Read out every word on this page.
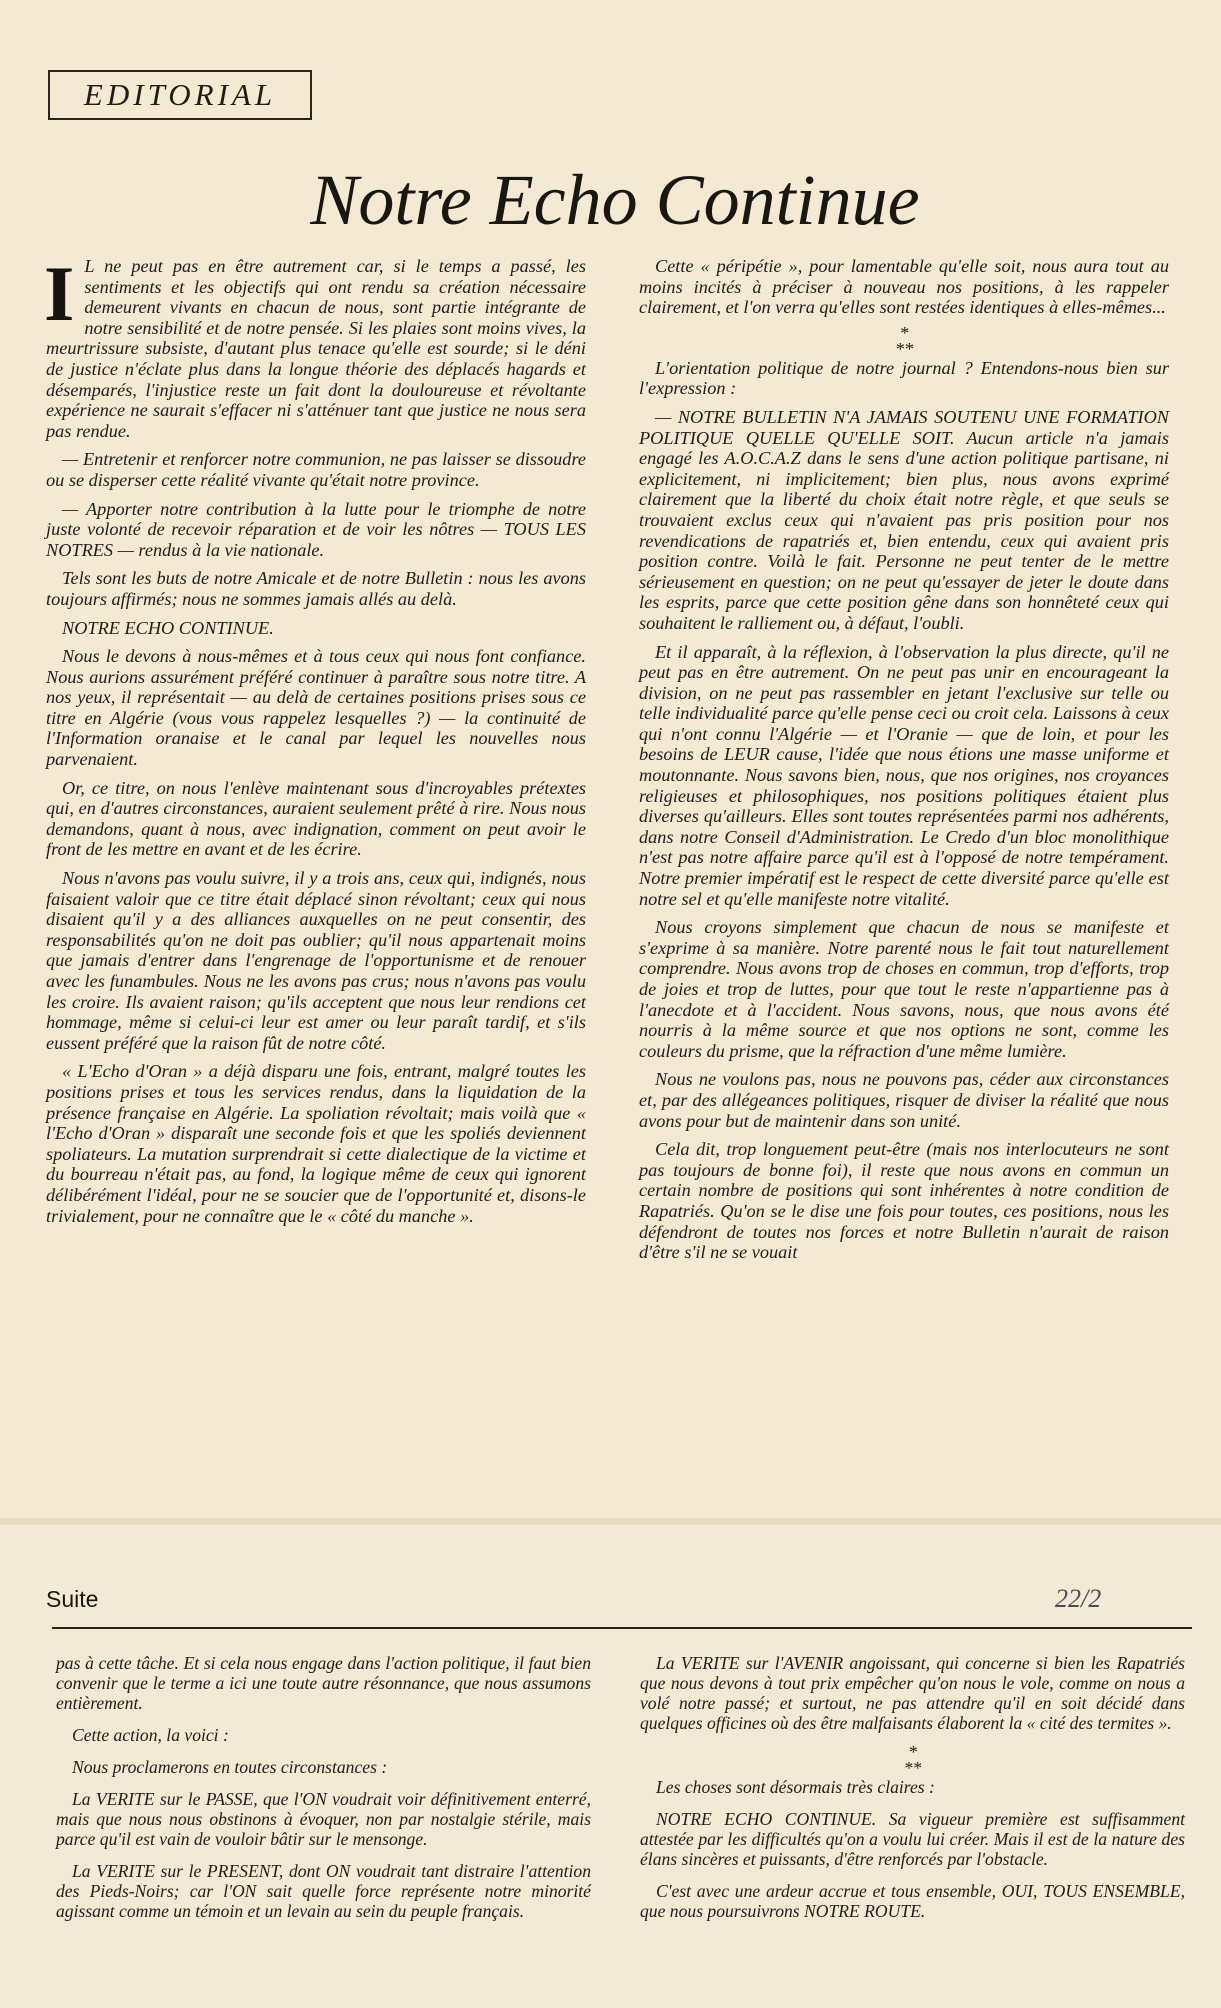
EDITORIAL
Notre Echo Continue

I L ne peut pas en être autrement car, si le temps a passé, les sentiments et les objectifs qui ont rendu sa création nécessaire demeurent vivants en chacun de nous, sont partie intégrante de notre sensibilité et de notre pensée. Si les plaies sont moins vives, la meurtrissure subsiste, d'autant plus tenace qu'elle est sourde; si le déni de justice n'éclate plus dans la longue théorie des déplacés hagards et désemparés, l'injustice reste un fait dont la douloureuse et révoltante expérience ne saurait s'effacer ni s'atténuer tant que justice ne nous sera pas rendue.

— Entretenir et renforcer notre communion, ne pas laisser se dissoudre ou se disperser cette réalité vivante qu'était notre province.

— Apporter notre contribution à la lutte pour le triomphe de notre juste volonté de recevoir réparation et de voir les nôtres — TOUS LES NOTRES — rendus à la vie nationale.

Tels sont les buts de notre Amicale et de notre Bulletin : nous les avons toujours affirmés; nous ne sommes jamais allés au delà.

NOTRE ECHO CONTINUE.

Nous le devons à nous-mêmes et à tous ceux qui nous font confiance. Nous aurions assurément préféré continuer à paraître sous notre titre. A nos yeux, il représentait — au delà de certaines positions prises sous ce titre en Algérie (vous vous rappelez lesquelles ?) — la continuité de l'Information oranaise et le canal par lequel les nouvelles nous parvenaient.

Or, ce titre, on nous l'enlève maintenant sous d'incroyables prétextes qui, en d'autres circonstances, auraient seulement prêté à rire. Nous nous demandons, quant à nous, avec indignation, comment on peut avoir le front de les mettre en avant et de les écrire.

Nous n'avons pas voulu suivre, il y a trois ans, ceux qui, indignés, nous faisaient valoir que ce titre était déplacé sinon révoltant; ceux qui nous disaient qu'il y a des alliances auxquelles on ne peut consentir, des responsabilités qu'on ne doit pas oublier; qu'il nous appartenait moins que jamais d'entrer dans l'engrenage de l'opportunisme et de renouer avec les funambules. Nous ne les avons pas crus; nous n'avons pas voulu les croire. Ils avaient raison; qu'ils acceptent que nous leur rendions cet hommage, même si celui-ci leur est amer ou leur paraît tardif, et s'ils eussent préféré que la raison fût de notre côté.

« L'Echo d'Oran » a déjà disparu une fois, entrant, malgré toutes les positions prises et tous les services rendus, dans la liquidation de la présence française en Algérie. La spoliation révoltait; mais voilà que « l'Echo d'Oran » disparaît une seconde fois et que les spoliés deviennent spoliateurs. La mutation surprendrait si cette dialectique de la victime et du bourreau n'était pas, au fond, la logique même de ceux qui ignorent délibérément l'idéal, pour ne se soucier que de l'opportunité et, disons-le trivialement, pour ne connaître que le « côté du manche ».

Cette « péripétie », pour lamentable qu'elle soit, nous aura tout au moins incités à préciser à nouveau nos positions, à les rappeler clairement, et l'on verra qu'elles sont restées identiques à elles-mêmes...

*

**

L'orientation politique de notre journal ? Entendons-nous bien sur l'expression :

— NOTRE BULLETIN N'A JAMAIS SOUTENU UNE FORMATION POLITIQUE QUELLE QU'ELLE SOIT. Aucun article n'a jamais engagé les A.O.C.A.Z dans le sens d'une action politique partisane, ni explicitement, ni implicitement; bien plus, nous avons exprimé clairement que la liberté du choix était notre règle, et que seuls se trouvaient exclus ceux qui n'avaient pas pris position pour nos revendications de rapatriés et, bien entendu, ceux qui avaient pris position contre. Voilà le fait. Personne ne peut tenter de le mettre sérieusement en question; on ne peut qu'essayer de jeter le doute dans les esprits, parce que cette position gêne dans son honnêteté ceux qui souhaitent le ralliement ou, à défaut, l'oubli.

Et il apparaît, à la réflexion, à l'observation la plus directe, qu'il ne peut pas en être autrement. On ne peut pas unir en encourageant la division, on ne peut pas rassembler en jetant l'exclusive sur telle ou telle individualité parce qu'elle pense ceci ou croit cela. Laissons à ceux qui n'ont connu l'Algérie — et l'Oranie — que de loin, et pour les besoins de LEUR cause, l'idée que nous étions une masse uniforme et moutonnante. Nous savons bien, nous, que nos origines, nos croyances religieuses et philosophiques, nos positions politiques étaient plus diverses qu'ailleurs. Elles sont toutes représentées parmi nos adhérents, dans notre Conseil d'Administration. Le Credo d'un bloc monolithique n'est pas notre affaire parce qu'il est à l'opposé de notre tempérament. Notre premier impératif est le respect de cette diversité parce qu'elle est notre sel et qu'elle manifeste notre vitalité.

Nous croyons simplement que chacun de nous se manifeste et s'exprime à sa manière. Notre parenté nous le fait tout naturellement comprendre. Nous avons trop de choses en commun, trop d'efforts, trop de joies et trop de luttes, pour que tout le reste n'appartienne pas à l'anecdote et à l'accident. Nous savons, nous, que nous avons été nourris à la même source et que nos options ne sont, comme les couleurs du prisme, que la réfraction d'une même lumière.

Nous ne voulons pas, nous ne pouvons pas, céder aux circonstances et, par des allégeances politiques, risquer de diviser la réalité que nous avons pour but de maintenir dans son unité.

Cela dit, trop longuement peut-être (mais nos interlocuteurs ne sont pas toujours de bonne foi), il reste que nous avons en commun un certain nombre de positions qui sont inhérentes à notre condition de Rapatriés. Qu'on se le dise une fois pour toutes, ces positions, nous les défendront de toutes nos forces et notre Bulletin n'aurait de raison d'être s'il ne se vouait

Suite	22/2

pas à cette tâche. Et si cela nous engage dans l'action politique, il faut bien convenir que le terme a ici une toute autre résonnance, que nous assumons entièrement.

Cette action, la voici :

Nous proclamerons en toutes circonstances :

La VERITE sur le PASSE, que l'ON voudrait voir définitivement enterré, mais que nous nous obstinons à évoquer, non par nostalgie stérile, mais parce qu'il est vain de vouloir bâtir sur le mensonge.

La VERITE sur le PRESENT, dont ON voudrait tant distraire l'attention des Pieds-Noirs; car l'ON sait quelle force représente notre minorité agissant comme un témoin et un levain au sein du peuple français.

La VERITE sur l'AVENIR angoissant, qui concerne si bien les Rapatriés que nous devons à tout prix empêcher qu'on nous le vole, comme on nous a volé notre passé; et surtout, ne pas attendre qu'il en soit décidé dans quelques officines où des être malfaisants élaborent la « cité des termites ».

*

**

Les choses sont désormais très claires :

NOTRE ECHO CONTINUE. Sa vigueur première est suffisamment attestée par les difficultés qu'on a voulu lui créer. Mais il est de la nature des élans sincères et puissants, d'être renforcés par l'obstacle.

C'est avec une ardeur accrue et tous ensemble, OUI, TOUS ENSEMBLE, que nous poursuivrons NOTRE ROUTE.
